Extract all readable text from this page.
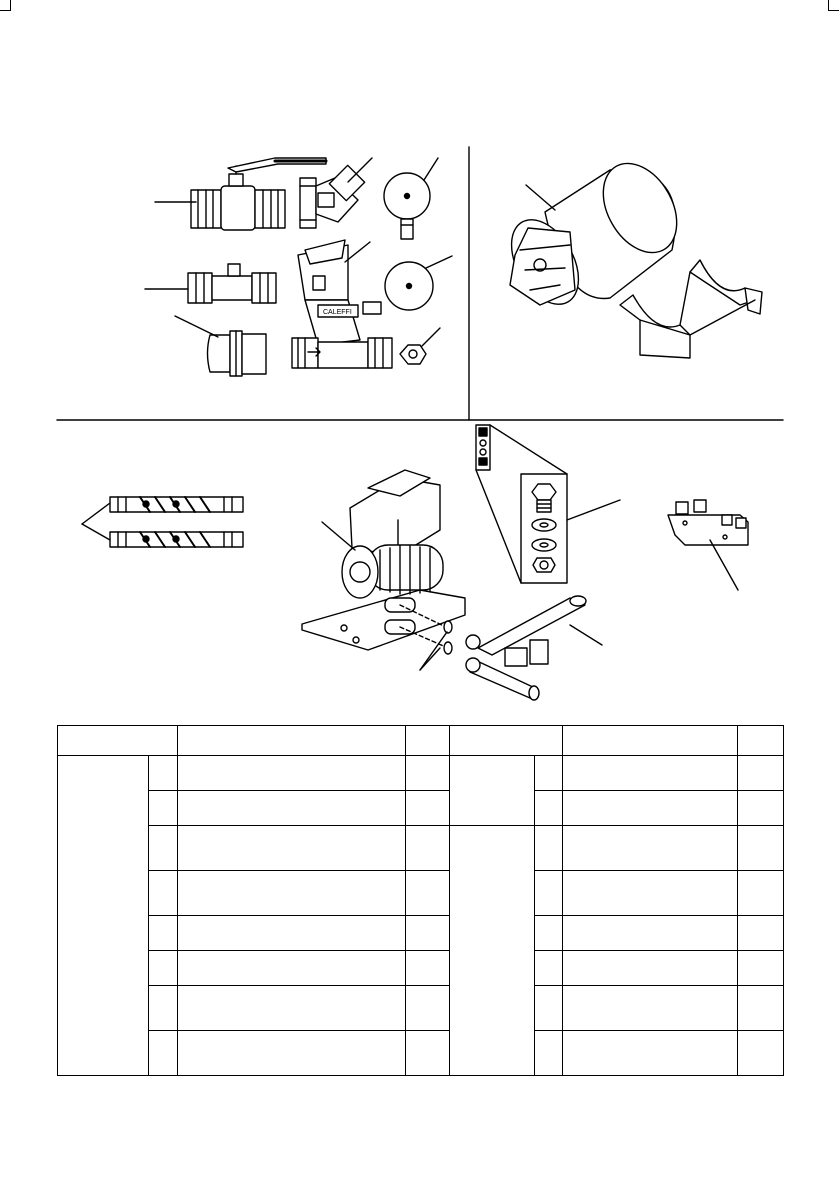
CALEFFI
